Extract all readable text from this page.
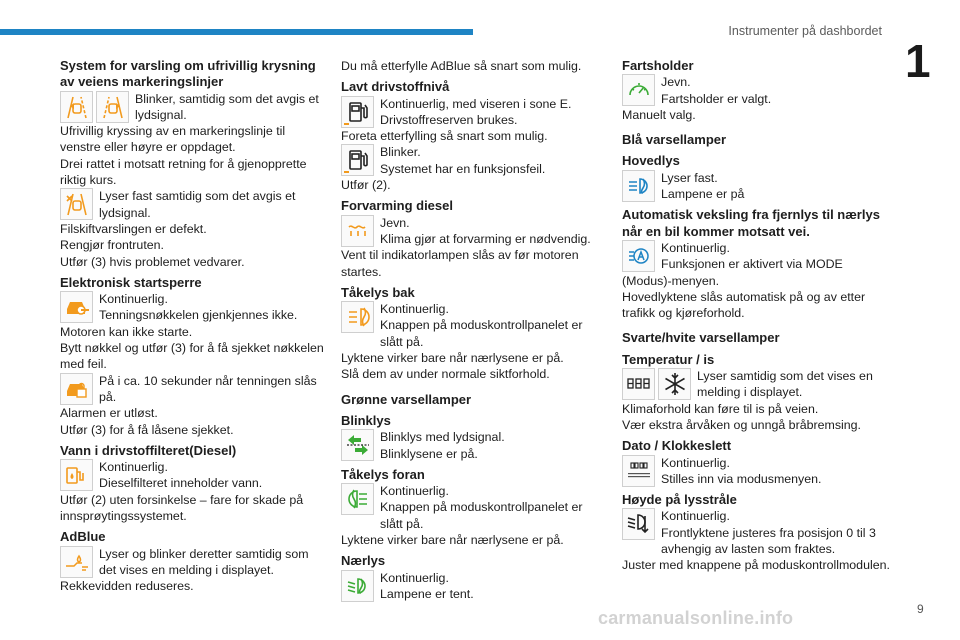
Instrumenter på dashbordet
1
System for varsling om ufrivillig krysning av veiens markeringslinjer
Blinker, samtidig som det avgis et lydsignal.
Ufrivillig kryssing av en markeringslinje til venstre eller høyre er oppdaget.
Drei rattet i motsatt retning for å gjenopprette riktig kurs.
Lyser fast samtidig som det avgis et lydsignal.
Filskiftvarslingen er defekt.
Rengjør frontruten.
Utfør (3) hvis problemet vedvarer.
Elektronisk startsperre
Kontinuerlig.
Tenningsnøkkelen gjenkjennes ikke.
Motoren kan ikke starte.
Bytt nøkkel og utfør (3) for å få sjekket nøkkelen med feil.
På i ca. 10 sekunder når tenningen slås på.
Alarmen er utløst.
Utfør (3) for å få låsene sjekket.
Vann i drivstoffilteret(Diesel)
Kontinuerlig.
Dieselfilteret inneholder vann.
Utfør (2) uten forsinkelse – fare for skade på innsprøytingssystemet.
AdBlue
Lyser og blinker deretter samtidig som det vises en melding i displayet.
Rekkevidden reduseres.
Du må etterfylle AdBlue så snart som mulig.
Lavt drivstoffnivå
Kontinuerlig, med viseren i sone E.
Drivstoffreserven brukes.
Foreta etterfylling så snart som mulig.
Blinker.
Systemet har en funksjonsfeil.
Utfør (2).
Forvarming diesel
Jevn.
Klima gjør at forvarming er nødvendig.
Vent til indikatorlampen slås av før motoren startes.
Tåkelys bak
Kontinuerlig.
Knappen på moduskontrollpanelet er slått på.
Lyktene virker bare når nærlysene er på.
Slå dem av under normale siktforhold.
Grønne varsellamper
Blinklys
Blinklys med lydsignal.
Blinklysene er på.
Tåkelys foran
Kontinuerlig.
Knappen på moduskontrollpanelet er slått på.
Lyktene virker bare når nærlysene er på.
Nærlys
Kontinuerlig.
Lampene er tent.
Fartsholder
Jevn.
Fartsholder er valgt.
Manuelt valg.
Blå varsellamper
Hovedlys
Lyser fast.
Lampene er på
Automatisk veksling fra fjernlys til nærlys når en bil kommer motsatt vei.
Kontinuerlig.
Funksjonen er aktivert via MODE
(Modus)-menyen.
Hovedlyktene slås automatisk på og av etter trafikk og kjøreforhold.
Svarte/hvite varsellamper
Temperatur / is
Lyser samtidig som det vises en melding i displayet.
Klimaforhold kan føre til is på veien.
Vær ekstra årvåken og unngå bråbremsing.
Dato / Klokkeslett
Kontinuerlig.
Stilles inn via modusmenyen.
Høyde på lysstråle
Kontinuerlig.
Frontlyktene justeres fra posisjon 0 til 3 avhengig av lasten som fraktes.
Juster med knappene på moduskontrollmodulen.
carmanualsonline.info	9
